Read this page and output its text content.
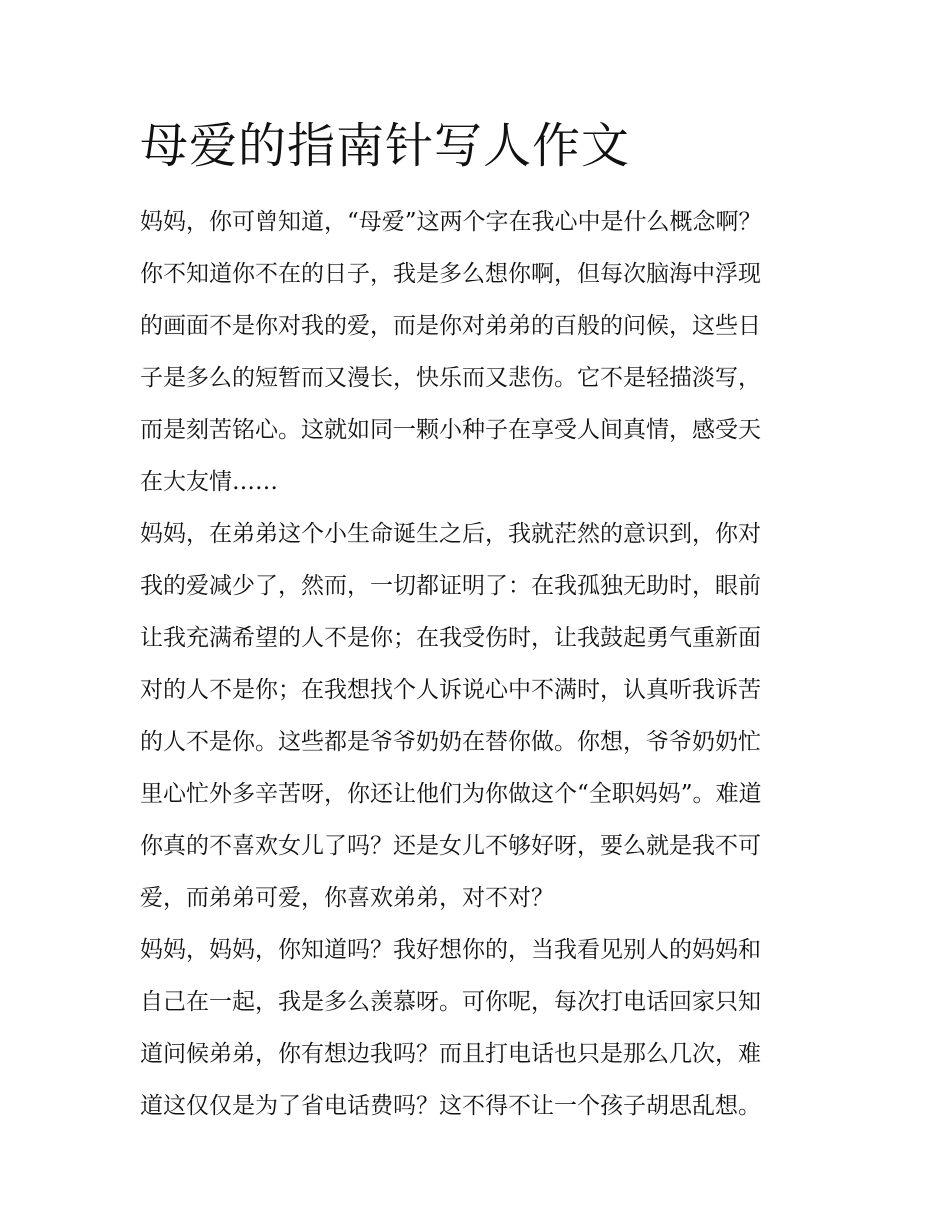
母爱的指南针写人作文
妈妈，你可曾知道，“母爱”这两个字在我心中是什么概念啊？
你不知道你不在的日子，我是多么想你啊，但每次脑海中浮现
的画面不是你对我的爱，而是你对弟弟的百般的问候，这些日
子是多么的短暂而又漫长，快乐而又悲伤。它不是轻描淡写，
而是刻苦铭心。这就如同一颗小种子在享受人间真情，感受天
在大友情……
妈妈，在弟弟这个小生命诞生之后，我就茫然的意识到，你对
我的爱减少了，然而，一切都证明了：在我孤独无助时，眼前
让我充满希望的人不是你；在我受伤时，让我鼓起勇气重新面
对的人不是你；在我想找个人诉说心中不满时，认真听我诉苦
的人不是你。这些都是爷爷奶奶在替你做。你想，爷爷奶奶忙
里心忙外多辛苦呀，你还让他们为你做这个“全职妈妈”。难道
你真的不喜欢女儿了吗？还是女儿不够好呀，要么就是我不可
爱，而弟弟可爱，你喜欢弟弟，对不对？
妈妈，妈妈，你知道吗？我好想你的，当我看见别人的妈妈和
自己在一起，我是多么羡慕呀。可你呢，每次打电话回家只知
道问候弟弟，你有想边我吗？而且打电话也只是那么几次，难
道这仅仅是为了省电话费吗？这不得不让一个孩子胡思乱想。
